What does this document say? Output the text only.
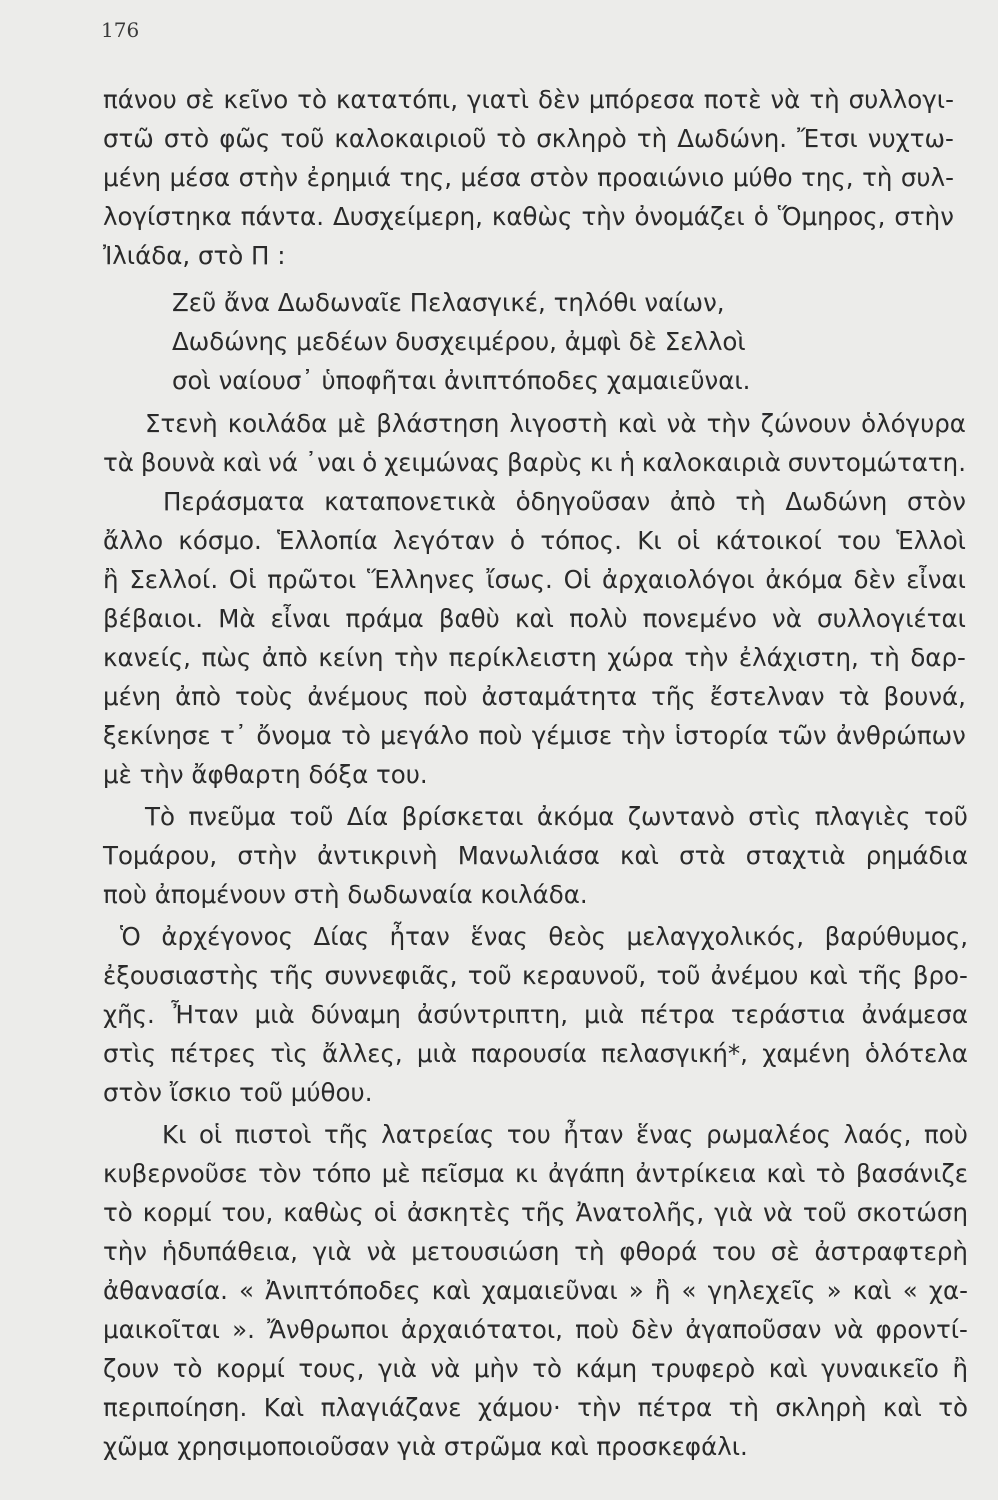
176
πάνου σὲ κεῖνο τὸ κατατόπι, γιατὶ δὲν μπόρεσα ποτὲ νὰ τὴ συλλογι-
στῶ στὸ φῶς τοῦ καλοκαιριοῦ τὸ σκληρὸ τὴ Δωδώνη. Ἔτσι νυχτω-
μένη μέσα στὴν ἐρημιά της, μέσα στὸν προαιώνιο μύθο της, τὴ συλ-
λογίστηκα πάντα. Δυσχείμερη, καθὼς τὴν ὀνομάζει ὁ Ὅμηρος, στὴν
Ἰλιάδα, στὸ Π :
Ζεῦ ἄνα Δωδωναῖε Πελασγικέ, τηλόθι ναίων,
Δωδώνης μεδέων δυσχειμέρου, ἀμφὶ δὲ Σελλοὶ
σοὶ ναίουσ᾽ ὑποφῆται ἀνιπτόποδες χαμαιεῦναι.
Στενὴ κοιλάδα μὲ βλάστηση λιγοστὴ καὶ νὰ τὴν ζώνουν ὁλόγυρα
τὰ βουνὰ καὶ νά ᾽ναι ὁ χειμώνας βαρὺς κι ἡ καλοκαιριὰ συντομώτατη.
Περάσματα καταπονετικὰ ὁδηγοῦσαν ἀπὸ τὴ Δωδώνη στὸν
ἄλλο κόσμο. Ἑλλοπία λεγόταν ὁ τόπος. Κι οἱ κάτοικοί του Ἑλλοὶ
ἢ Σελλοί. Οἱ πρῶτοι Ἕλληνες ἴσως. Οἱ ἀρχαιολόγοι ἀκόμα δὲν εἶναι
βέβαιοι. Μὰ εἶναι πράμα βαθὺ καὶ πολὺ πονεμένο νὰ συλλογιέται
κανείς, πὼς ἀπὸ κείνη τὴν περίκλειστη χώρα τὴν ἐλάχιστη, τὴ δαρ-
μένη ἀπὸ τοὺς ἀνέμους ποὺ ἀσταμάτητα τῆς ἔστελναν τὰ βουνά,
ξεκίνησε τ᾽ ὄνομα τὸ μεγάλο ποὺ γέμισε τὴν ἱστορία τῶν ἀνθρώπων
μὲ τὴν ἄφθαρτη δόξα του.
Τὸ πνεῦμα τοῦ Δία βρίσκεται ἀκόμα ζωντανὸ στὶς πλαγιὲς τοῦ
Τομάρου, στὴν ἀντικρινὴ Μανωλιάσα καὶ στὰ σταχτιὰ ρημάδια
ποὺ ἀπομένουν στὴ δωδωναία κοιλάδα.
Ὁ ἀρχέγονος Δίας ἦταν ἕνας θεὸς μελαγχολικός, βαρύθυμος,
ἐξουσιαστὴς τῆς συννεφιᾶς, τοῦ κεραυνοῦ, τοῦ ἀνέμου καὶ τῆς βρο-
χῆς. Ἦταν μιὰ δύναμη ἀσύντριπτη, μιὰ πέτρα τεράστια ἀνάμεσα
στὶς πέτρες τὶς ἄλλες, μιὰ παρουσία πελασγική*, χαμένη ὁλότελα
στὸν ἴσκιο τοῦ μύθου.
Κι οἱ πιστοὶ τῆς λατρείας του ἦταν ἕνας ρωμαλέος λαός, ποὺ
κυβερνοῦσε τὸν τόπο μὲ πεῖσμα κι ἀγάπη ἀντρίκεια καὶ τὸ βασάνιζε
τὸ κορμί του, καθὼς οἱ ἀσκητὲς τῆς Ἀνατολῆς, γιὰ νὰ τοῦ σκοτώση
τὴν ἡδυπάθεια, γιὰ νὰ μετουσιώση τὴ φθορά του σὲ ἀστραφτερὴ
ἀθανασία. « Ἀνιπτόποδες καὶ χαμαιεῦναι » ἢ « γηλεχεῖς » καὶ « χα-
μαικοῖται ». Ἄνθρωποι ἀρχαιότατοι, ποὺ δὲν ἀγαποῦσαν νὰ φροντί-
ζουν τὸ κορμί τους, γιὰ νὰ μὴν τὸ κάμη τρυφερὸ καὶ γυναικεῖο ἢ
περιποίηση. Καὶ πλαγιάζανε χάμου· τὴν πέτρα τὴ σκληρὴ καὶ τὸ
χῶμα χρησιμοποιοῦσαν γιὰ στρῶμα καὶ προσκεφάλι.
